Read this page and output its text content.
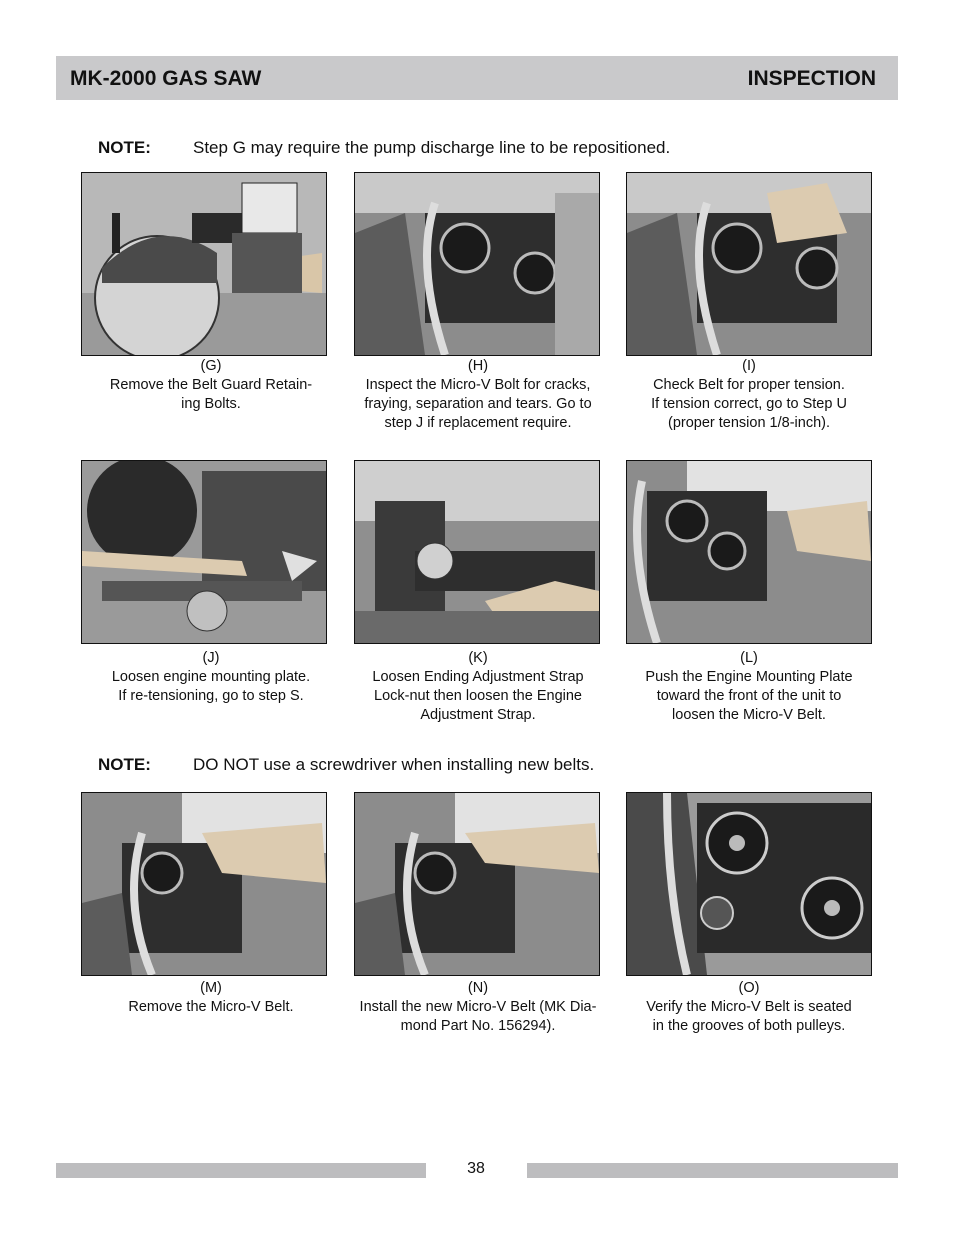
MK-2000 GAS SAW	INSPECTION
NOTE: Step G may require the pump discharge line to be repositioned.
(G)
Remove the Belt Guard Retain-
ing Bolts.
(H)
Inspect the Micro-V Bolt for cracks,
fraying, separation and tears. Go to
step J if replacement require.
(I)
Check Belt for proper tension.
If tension correct, go to Step U
(proper tension 1/8-inch).
(J)
Loosen engine mounting plate.
If re-tensioning, go to step S.
(K)
Loosen Ending Adjustment Strap
Lock-nut then loosen the Engine
Adjustment Strap.
(L)
Push the Engine Mounting Plate
toward the front of the unit to
loosen the Micro-V Belt.
NOTE: DO NOT use a screwdriver when installing new belts.
(M)
Remove the Micro-V Belt.
(N)
Install the new Micro-V Belt (MK Dia-
mond Part No. 156294).
(O)
Verify the Micro-V Belt is seated
in the grooves of both pulleys.
38
